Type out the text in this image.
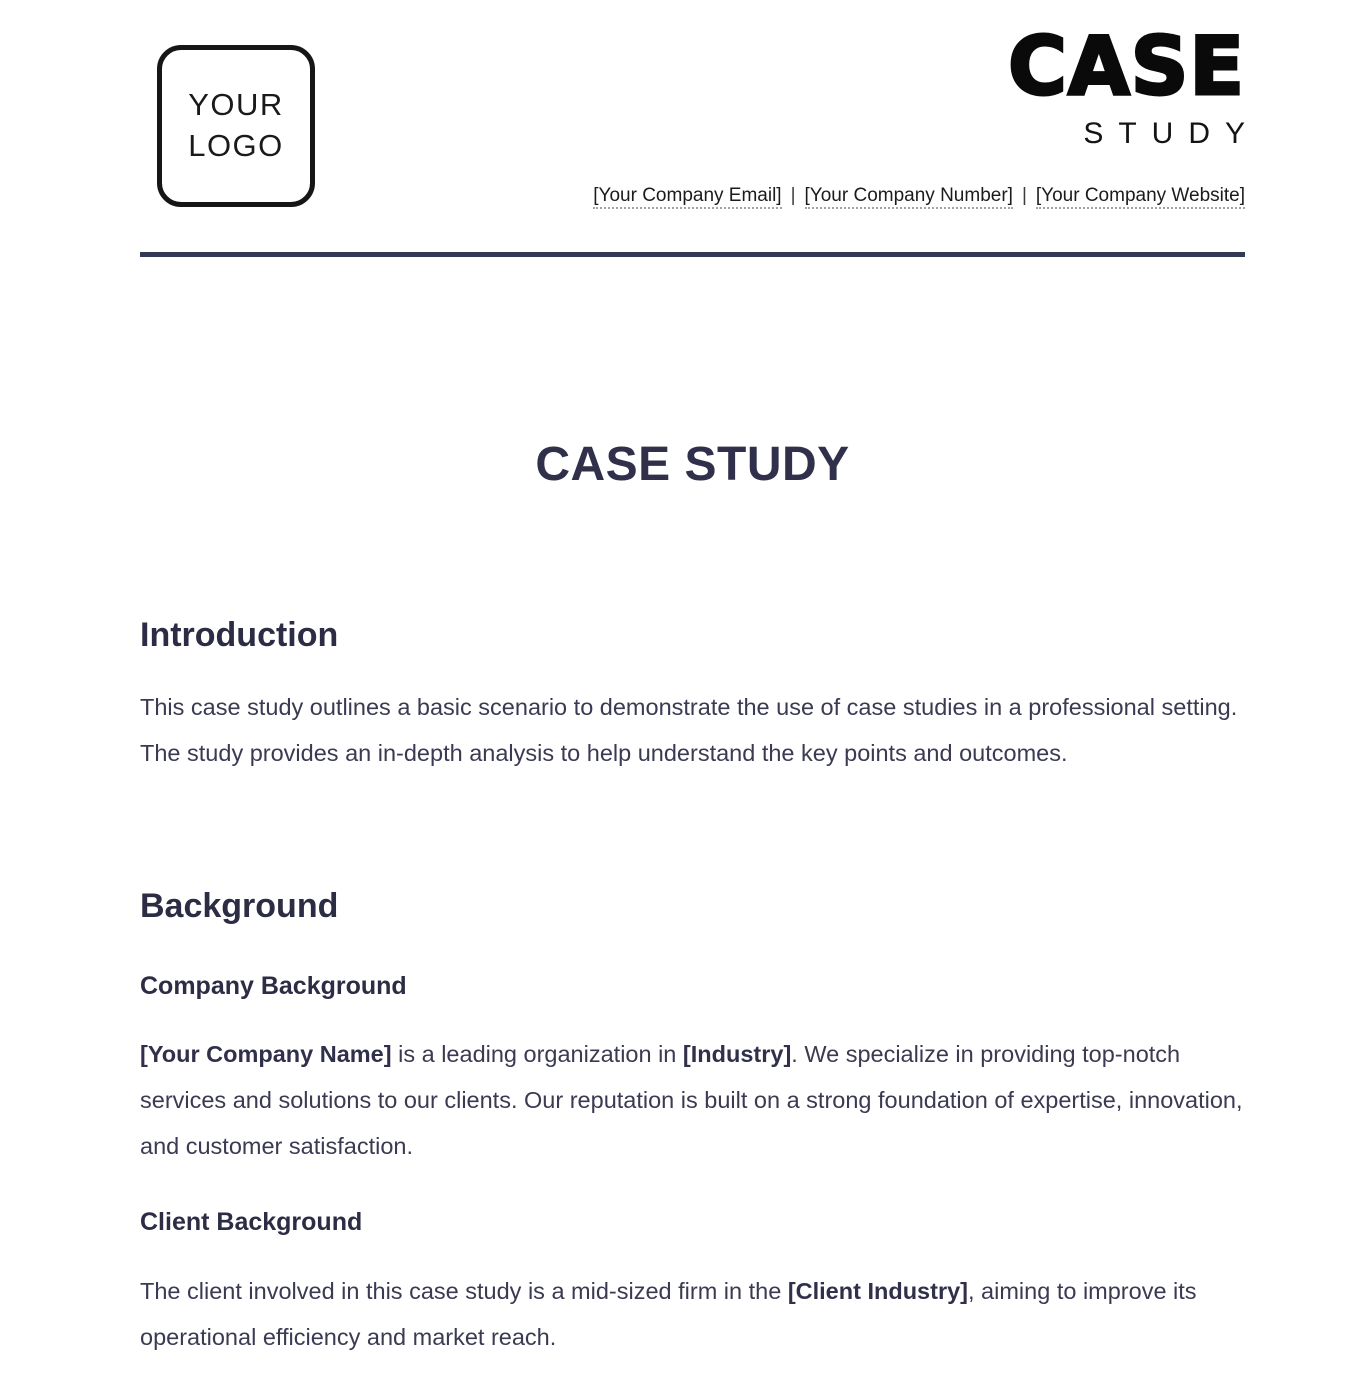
YOUR
LOGO
CASE
STUDY
[Your Company Email] | [Your Company Number] | [Your Company Website]
CASE STUDY
Introduction

This case study outlines a basic scenario to demonstrate the use of case studies in a professional setting. The study provides an in-depth analysis to help understand the key points and outcomes.

Background
Company Background

[Your Company Name] is a leading organization in [Industry]. We specialize in providing top-notch services and solutions to our clients. Our reputation is built on a strong foundation of expertise, innovation, and customer satisfaction.

Client Background

The client involved in this case study is a mid-sized firm in the [Client Industry], aiming to improve its operational efficiency and market reach.
